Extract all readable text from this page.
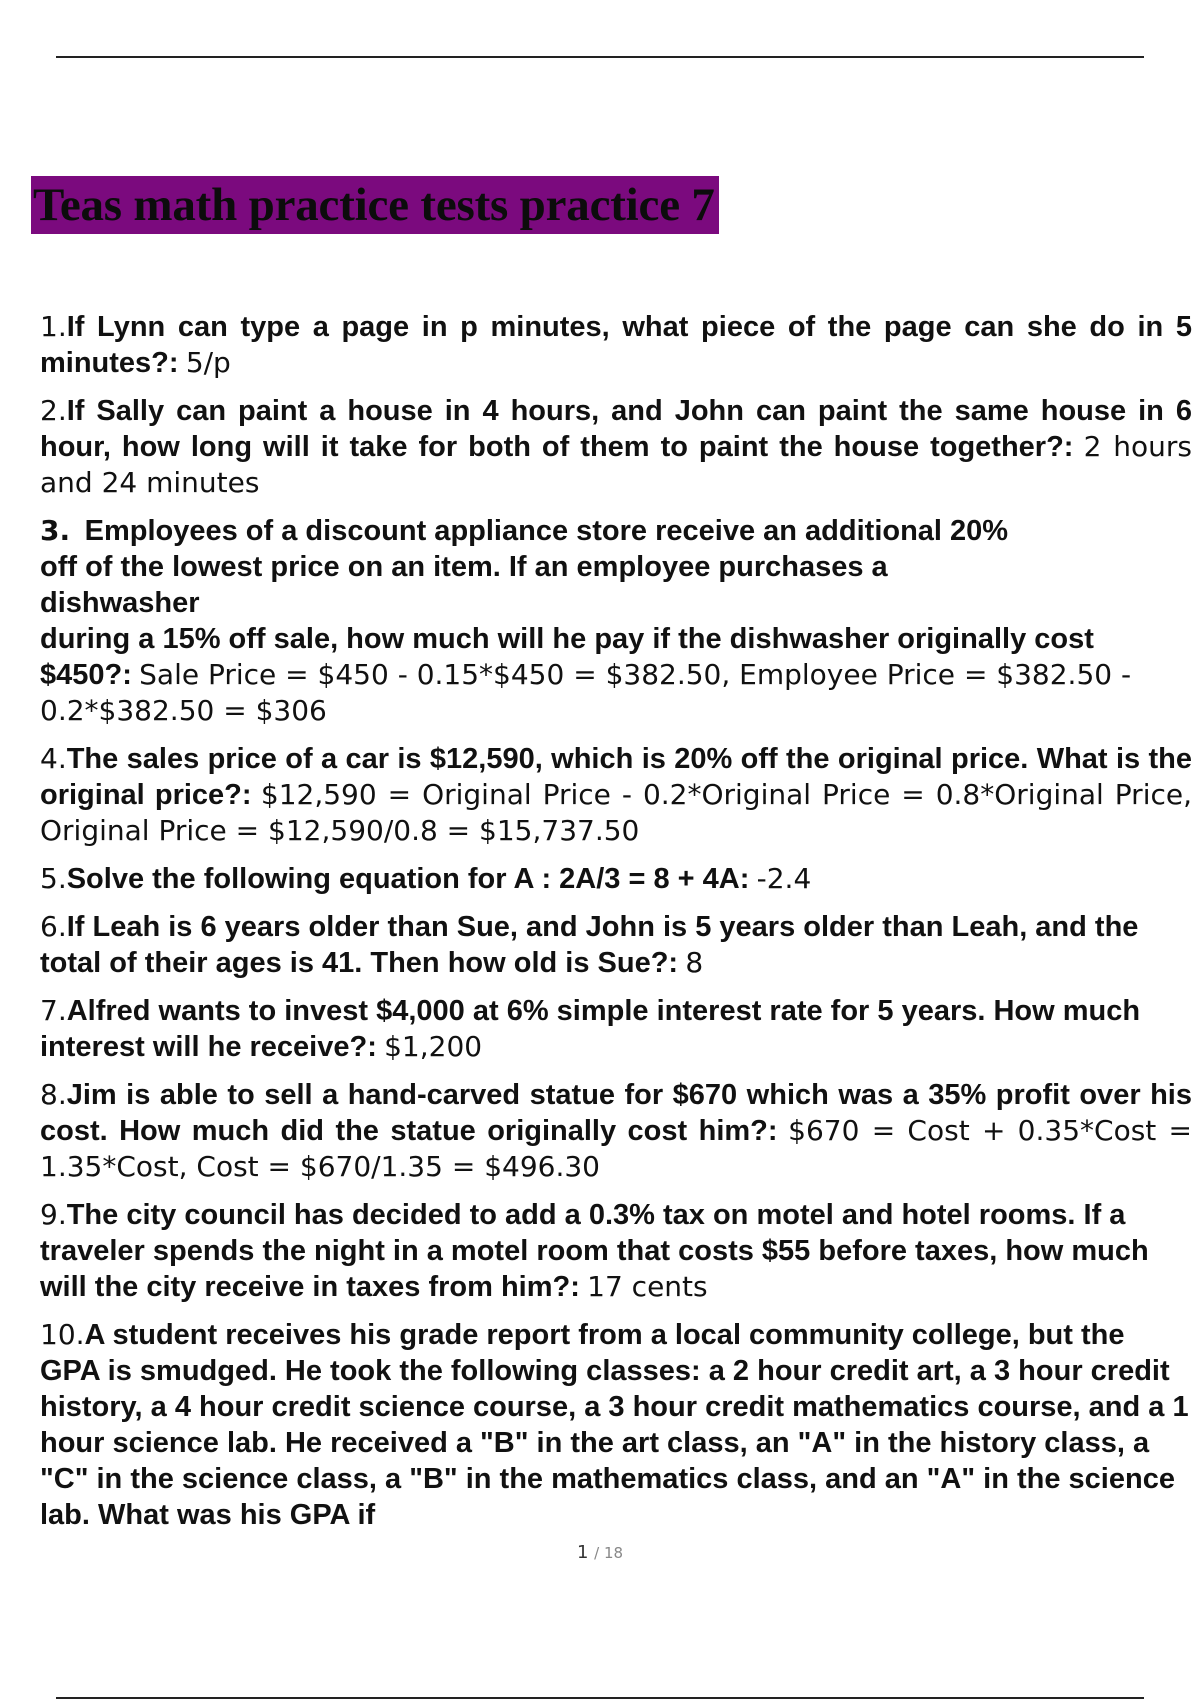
Teas math practice tests practice 7
1.If Lynn can type a page in p minutes, what piece of the page can she do in 5 minutes?: 5/p
2.If Sally can paint a house in 4 hours, and John can paint the same house in 6 hour, how long will it take for both of them to paint the house together?: 2 hours and 24 minutes
3. Employees of a discount appliance store receive an additional 20%
off of the lowest price on an item. If an employee purchases a
dishwasher
during a 15% off sale, how much will he pay if the dishwasher originally cost
$450?: Sale Price = $450 - 0.15*$450 = $382.50, Employee Price = $382.50 - 0.2*$382.50 = $306
4.The sales price of a car is $12,590, which is 20% off the original price. What is the original price?: $12,590 = Original Price - 0.2*Original Price = 0.8*Original Price, Original Price = $12,590/0.8 = $15,737.50
5.Solve the following equation for A : 2A/3 = 8 + 4A: -2.4
6.If Leah is 6 years older than Sue, and John is 5 years older than Leah, and the total of their ages is 41. Then how old is Sue?: 8
7.Alfred wants to invest $4,000 at 6% simple interest rate for 5 years. How much interest will he receive?: $1,200
8.Jim is able to sell a hand-carved statue for $670 which was a 35% profit over his cost. How much did the statue originally cost him?: $670 = Cost + 0.35*Cost = 1.35*Cost, Cost = $670/1.35 = $496.30
9.The city council has decided to add a 0.3% tax on motel and hotel rooms. If a traveler spends the night in a motel room that costs $55 before taxes, how much will the city receive in taxes from him?: 17 cents
10.A student receives his grade report from a local community college, but the GPA is smudged. He took the following classes: a 2 hour credit art, a 3 hour credit history, a 4 hour credit science course, a 3 hour credit mathematics course, and a 1 hour science lab. He received a "B" in the art class, an "A" in the history class, a "C" in the science class, a "B" in the mathematics class, and an "A" in the science lab. What was his GPA if
1 / 18
